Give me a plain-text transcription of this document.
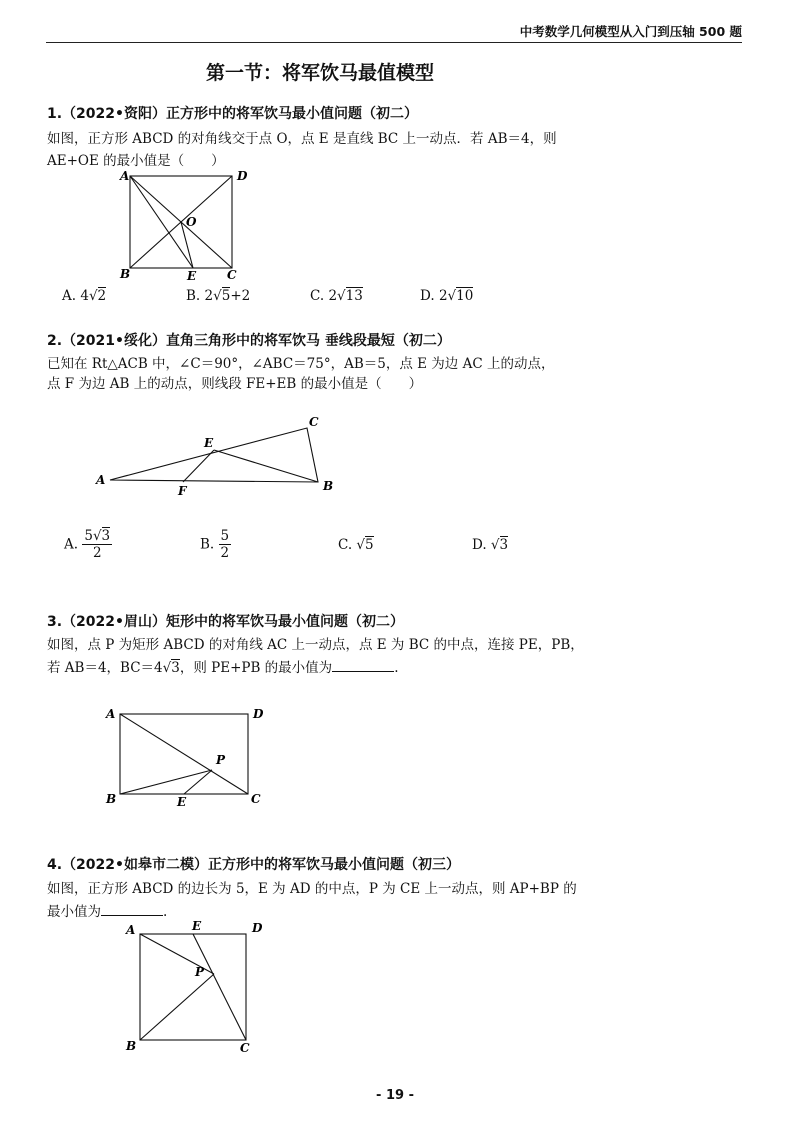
中考数学几何模型从入门到压轴 500 题
第一节：将军饮马最值模型
1.（2022•资阳）正方形中的将军饮马最小值问题（初二）
如图，正方形 ABCD 的对角线交于点 O，点 E 是直线 BC 上一动点．若 AB＝4，则
AE+OE 的最小值是（　　）
A	D
B	C
O
E
A. 4√2	B. 2√5+2	C. 2√13	D. 2√10
2.（2021•绥化）直角三角形中的将军饮马 垂线段最短（初二）
已知在 Rt△ACB 中，∠C＝90°，∠ABC＝75°，AB＝5，点 E 为边 AC 上的动点，
点 F 为边 AB 上的动点，则线段 FE+EB 的最小值是（　　）
A	B
C
E
F
A. $\frac{5√3}{2}$	B. $\frac{5}{2}$	C. √5	D. √3
3.（2022•眉山）矩形中的将军饮马最小值问题（初二）
如图，点 P 为矩形 ABCD 的对角线 AC 上一动点，点 E 为 BC 的中点，连接 PE，PB，
若 AB＝4，BC＝4√3，则 PE+PB 的最小值为	.
A	D
B	C
E
P
4.（2022•如皋市二模）正方形中的将军饮马最小值问题（初三）
如图，正方形 ABCD 的边长为 5，E 为 AD 的中点，P 为 CE 上一动点，则 AP+BP 的
最小值为	.
A	D
B	C
E
P
- 19 -
